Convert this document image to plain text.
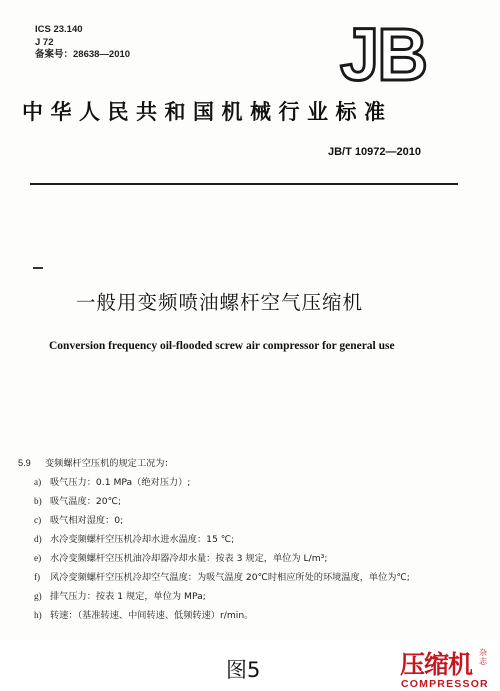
ICS 23.140
J 72
备案号：28638—2010	JB
中华人民共和国机械行业标准
JB/T 10972—2010
一般用变频喷油螺杆空气压缩机
Conversion frequency oil-flooded screw air compressor for general use
5.9 变频螺杆空压机的规定工况为：
a) 吸气压力：0.1 MPa（绝对压力）;
b) 吸气温度：20℃;
c) 吸气相对湿度：0;
d) 水冷变频螺杆空压机冷却水进水温度：15 ℃;
e) 水冷变频螺杆空压机油冷却器冷却水量：按表 3 规定，单位为 L/m³;
f) 风冷变频螺杆空压机冷却空气温度：为吸气温度 20℃时相应所处的环境温度，单位为℃;
g) 排气压力：按表 1 规定，单位为 MPa;
h) 转速：（基准转速、中间转速、低频转速）r/min。
图5	压缩机 杂志
COMPRESSOR
